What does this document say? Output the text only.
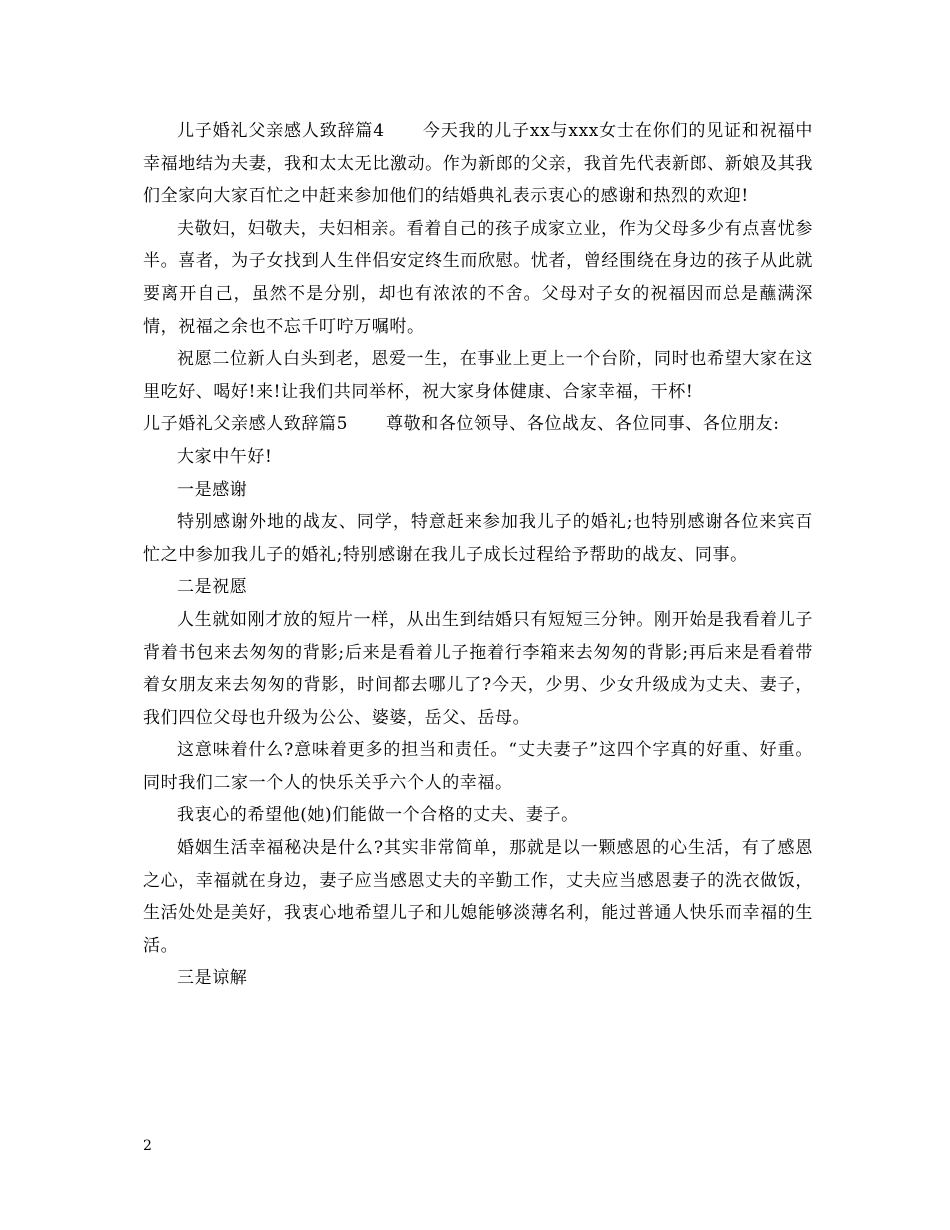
儿子婚礼父亲感人致辞篇4 今天我的儿子xx与xxx女士在你们的见证和祝福中幸福地结为夫妻，我和太太无比激动。作为新郎的父亲，我首先代表新郎、新娘及其我们全家向大家百忙之中赶来参加他们的结婚典礼表示衷心的感谢和热烈的欢迎!

夫敬妇，妇敬夫，夫妇相亲。看着自己的孩子成家立业，作为父母多少有点喜忧参半。喜者，为子女找到人生伴侣安定终生而欣慰。忧者，曾经围绕在身边的孩子从此就要离开自己，虽然不是分别，却也有浓浓的不舍。父母对子女的祝福因而总是蘸满深情，祝福之余也不忘千叮咛万嘱咐。

祝愿二位新人白头到老，恩爱一生，在事业上更上一个台阶，同时也希望大家在这里吃好、喝好!来!让我们共同举杯，祝大家身体健康、合家幸福，干杯!

儿子婚礼父亲感人致辞篇5 尊敬和各位领导、各位战友、各位同事、各位朋友:

大家中午好!

一是感谢

特别感谢外地的战友、同学，特意赶来参加我儿子的婚礼;也特别感谢各位来宾百忙之中参加我儿子的婚礼;特别感谢在我儿子成长过程给予帮助的战友、同事。

二是祝愿

人生就如刚才放的短片一样，从出生到结婚只有短短三分钟。刚开始是我看着儿子背着书包来去匆匆的背影;后来是看着儿子拖着行李箱来去匆匆的背影;再后来是看着带着女朋友来去匆匆的背影，时间都去哪儿了?今天，少男、少女升级成为丈夫、妻子，我们四位父母也升级为公公、婆婆，岳父、岳母。

这意味着什么?意味着更多的担当和责任。“丈夫妻子”这四个字真的好重、好重。同时我们二家一个人的快乐关乎六个人的幸福。

我衷心的希望他(她)们能做一个合格的丈夫、妻子。

婚姻生活幸福秘决是什么?其实非常简单，那就是以一颗感恩的心生活，有了感恩之心，幸福就在身边，妻子应当感恩丈夫的辛勤工作，丈夫应当感恩妻子的洗衣做饭，生活处处是美好，我衷心地希望儿子和儿媳能够淡薄名利，能过普通人快乐而幸福的生活。

三是谅解

2
